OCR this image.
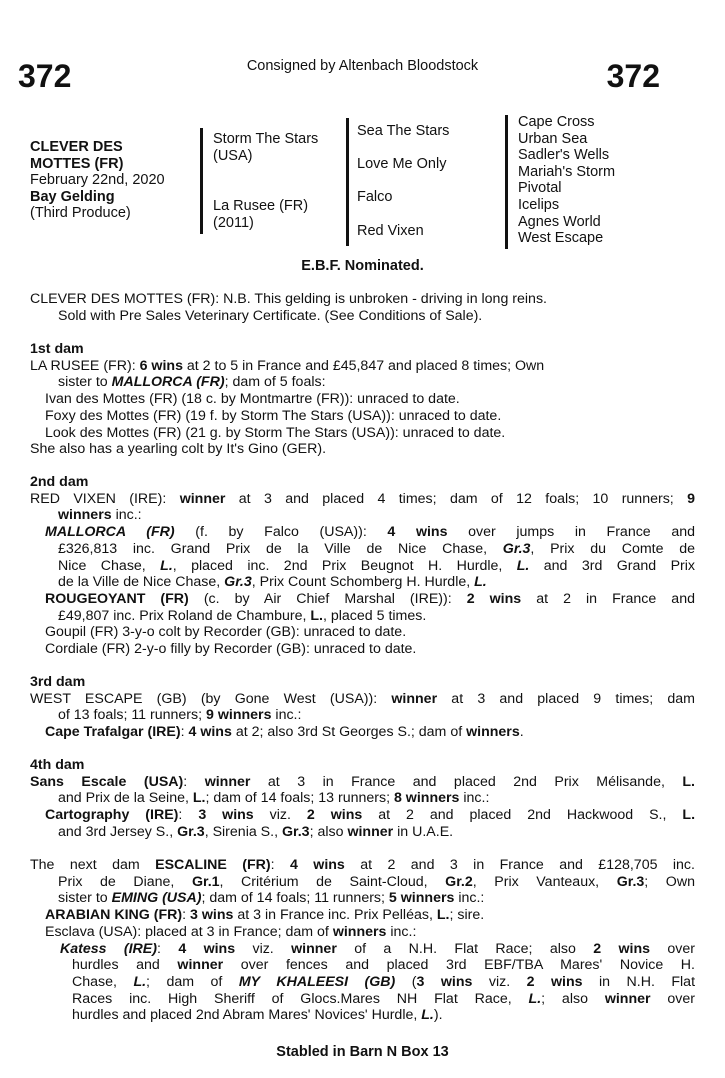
372	Consigned by Altenbach Bloodstock	372
CLEVER DES
MOTTES (FR)
February 22nd, 2020
Bay Gelding
(Third Produce)
Storm The Stars
(USA)
La Rusee (FR)
(2011)
Sea The Stars
Love Me Only
Falco
Red Vixen
Cape Cross
Urban Sea
Sadler's Wells
Mariah's Storm
Pivotal
Icelips
Agnes World
West Escape
E.B.F. Nominated.
CLEVER DES MOTTES (FR): N.B. This gelding is unbroken - driving in long reins.
Sold with Pre Sales Veterinary Certificate. (See Conditions of Sale).
1st dam
LA RUSEE (FR): 6 wins at 2 to 5 in France and £45,847 and placed 8 times; Own
sister to MALLORCA (FR); dam of 5 foals:
Ivan des Mottes (FR) (18 c. by Montmartre (FR)): unraced to date.
Foxy des Mottes (FR) (19 f. by Storm The Stars (USA)): unraced to date.
Look des Mottes (FR) (21 g. by Storm The Stars (USA)): unraced to date.
She also has a yearling colt by It's Gino (GER).
2nd dam
RED VIXEN (IRE): winner at 3 and placed 4 times; dam of 12 foals; 10 runners; 9
winners inc.:
MALLORCA (FR) (f. by Falco (USA)): 4 wins over jumps in France and
£326,813 inc. Grand Prix de la Ville de Nice Chase, Gr.3, Prix du Comte de
Nice Chase, L., placed inc. 2nd Prix Beugnot H. Hurdle, L. and 3rd Grand Prix
de la Ville de Nice Chase, Gr.3, Prix Count Schomberg H. Hurdle, L.
ROUGEOYANT (FR) (c. by Air Chief Marshal (IRE)): 2 wins at 2 in France and
£49,807 inc. Prix Roland de Chambure, L., placed 5 times.
Goupil (FR) 3-y-o colt by Recorder (GB): unraced to date.
Cordiale (FR) 2-y-o filly by Recorder (GB): unraced to date.
3rd dam
WEST ESCAPE (GB) (by Gone West (USA)): winner at 3 and placed 9 times; dam
of 13 foals; 11 runners; 9 winners inc.:
Cape Trafalgar (IRE): 4 wins at 2; also 3rd St Georges S.; dam of winners.
4th dam
Sans Escale (USA): winner at 3 in France and placed 2nd Prix Mélisande, L.
and Prix de la Seine, L.; dam of 14 foals; 13 runners; 8 winners inc.:
Cartography (IRE): 3 wins viz. 2 wins at 2 and placed 2nd Hackwood S., L.
and 3rd Jersey S., Gr.3, Sirenia S., Gr.3; also winner in U.A.E.
The next dam ESCALINE (FR): 4 wins at 2 and 3 in France and £128,705 inc.
Prix de Diane, Gr.1, Critérium de Saint-Cloud, Gr.2, Prix Vanteaux, Gr.3; Own
sister to EMING (USA); dam of 14 foals; 11 runners; 5 winners inc.:
ARABIAN KING (FR): 3 wins at 3 in France inc. Prix Pelléas, L.; sire.
Esclava (USA): placed at 3 in France; dam of winners inc.:
Katess (IRE): 4 wins viz. winner of a N.H. Flat Race; also 2 wins over
hurdles and winner over fences and placed 3rd EBF/TBA Mares' Novice H.
Chase, L.; dam of MY KHALEESI (GB) (3 wins viz. 2 wins in N.H. Flat
Races inc. High Sheriff of Glocs.Mares NH Flat Race, L.; also winner over
hurdles and placed 2nd Abram Mares' Novices' Hurdle, L.).
Stabled in Barn N Box 13
